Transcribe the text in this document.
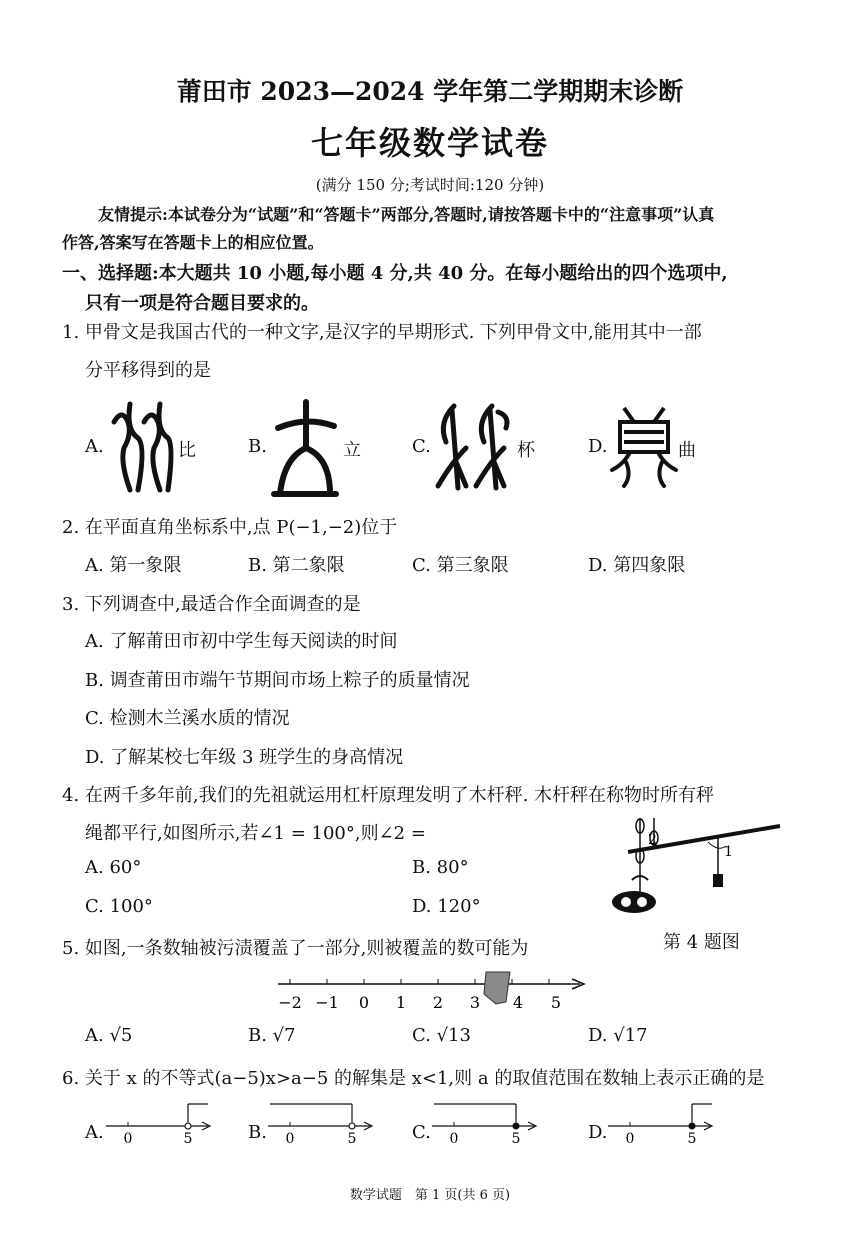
莆田市 2023—2024 学年第二学期期末诊断
七年级数学试卷
(满分 150 分;考试时间:120 分钟)
友情提示:本试卷分为“试题”和“答题卡”两部分,答题时,请按答题卡中的“注意事项”认真
作答,答案写在答题卡上的相应位置。
一、选择题:本大题共 10 小题,每小题 4 分,共 40 分。在每小题给出的四个选项中,
只有一项是符合题目要求的。
1. 甲骨文是我国古代的一种文字,是汉字的早期形式. 下列甲骨文中,能用其中一部
分平移得到的是
A.	比	B.	立	C.	杯	D.	曲
2. 在平面直角坐标系中,点 P(−1,−2)位于
A. 第一象限	B. 第二象限	C. 第三象限	D. 第四象限
3. 下列调查中,最适合作全面调查的是
A. 了解莆田市初中学生每天阅读的时间
B. 调查莆田市端午节期间市场上粽子的质量情况
C. 检测木兰溪水质的情况
D. 了解某校七年级 3 班学生的身高情况
4. 在两千多年前,我们的先祖就运用杠杆原理发明了木杆秤. 木杆秤在称物时所有秤
绳都平行,如图所示,若∠1 = 100°,则∠2 =
A. 60°	B. 80°
C. 100°	D. 120°
2
1
第 4 题图
5. 如图,一条数轴被污渍覆盖了一部分,则被覆盖的数可能为
−2 −1 0 1 2 3 4 5
A. √5	B. √7	C. √13	D. √17
6. 关于 x 的不等式(a−5)x>a−5 的解集是 x<1,则 a 的取值范围在数轴上表示正确的是
A. 0	5	B. 0	5	C. 0	5	D. 0	5
数学试题　第 1 页(共 6 页)
